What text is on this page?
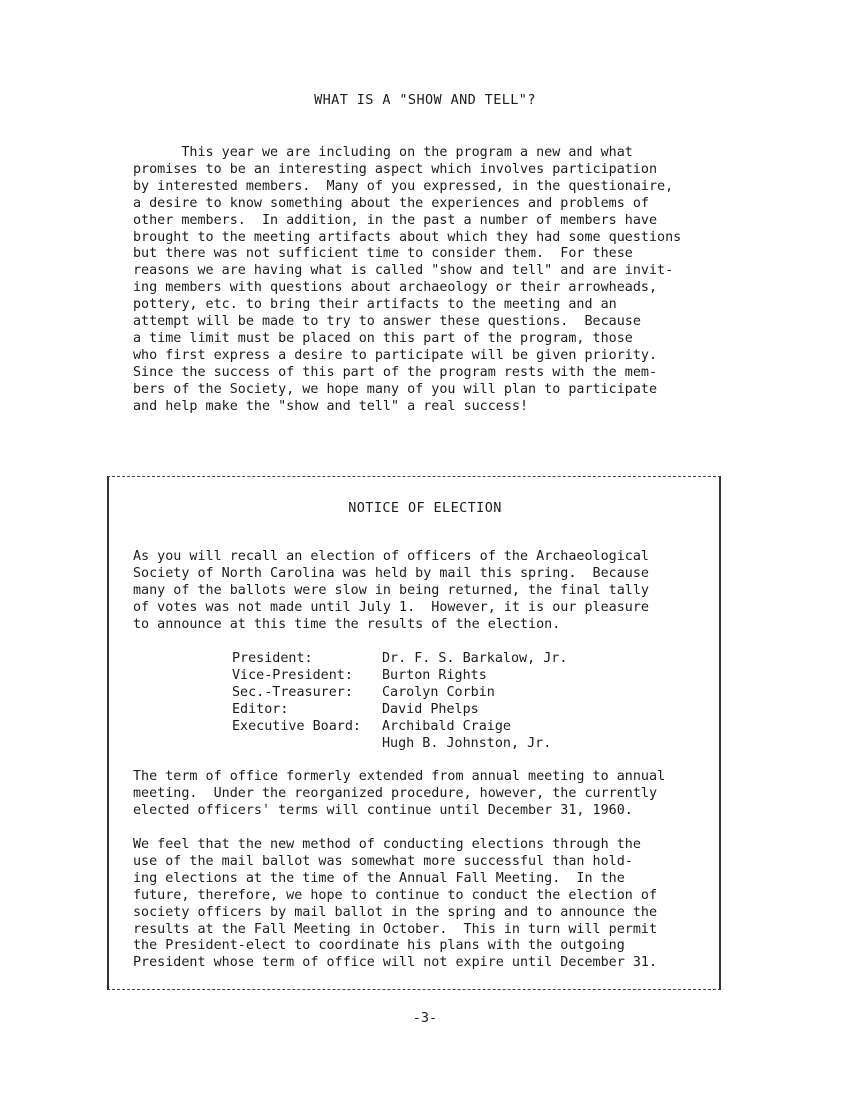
WHAT IS A "SHOW AND TELL"?
This year we are including on the program a new and what
promises to be an interesting aspect which involves participation
by interested members.  Many of you expressed, in the questionaire,
a desire to know something about the experiences and problems of
other members.  In addition, in the past a number of members have
brought to the meeting artifacts about which they had some questions
but there was not sufficient time to consider them.  For these
reasons we are having what is called "show and tell" and are invit-
ing members with questions about archaeology or their arrowheads,
pottery, etc. to bring their artifacts to the meeting and an
attempt will be made to try to answer these questions.  Because
a time limit must be placed on this part of the program, those
who first express a desire to participate will be given priority.
Since the success of this part of the program rests with the mem-
bers of the Society, we hope many of you will plan to participate
and help make the "show and tell" a real success!
NOTICE OF ELECTION
As you will recall an election of officers of the Archaeological
Society of North Carolina was held by mail this spring.  Because
many of the ballots were slow in being returned, the final tally
of votes was not made until July 1.  However, it is our pleasure
to announce at this time the results of the election.
President:	Dr. F. S. Barkalow, Jr.
Vice-President:	Burton Rights
Sec.-Treasurer:	Carolyn Corbin
Editor:	David Phelps
Executive Board:	Archibald Craige
Hugh B. Johnston, Jr.
The term of office formerly extended from annual meeting to annual
meeting.  Under the reorganized procedure, however, the currently
elected officers' terms will continue until December 31, 1960.
We feel that the new method of conducting elections through the
use of the mail ballot was somewhat more successful than hold-
ing elections at the time of the Annual Fall Meeting.  In the
future, therefore, we hope to continue to conduct the election of
society officers by mail ballot in the spring and to announce the
results at the Fall Meeting in October.  This in turn will permit
the President-elect to coordinate his plans with the outgoing
President whose term of office will not expire until December 31.
-3-
